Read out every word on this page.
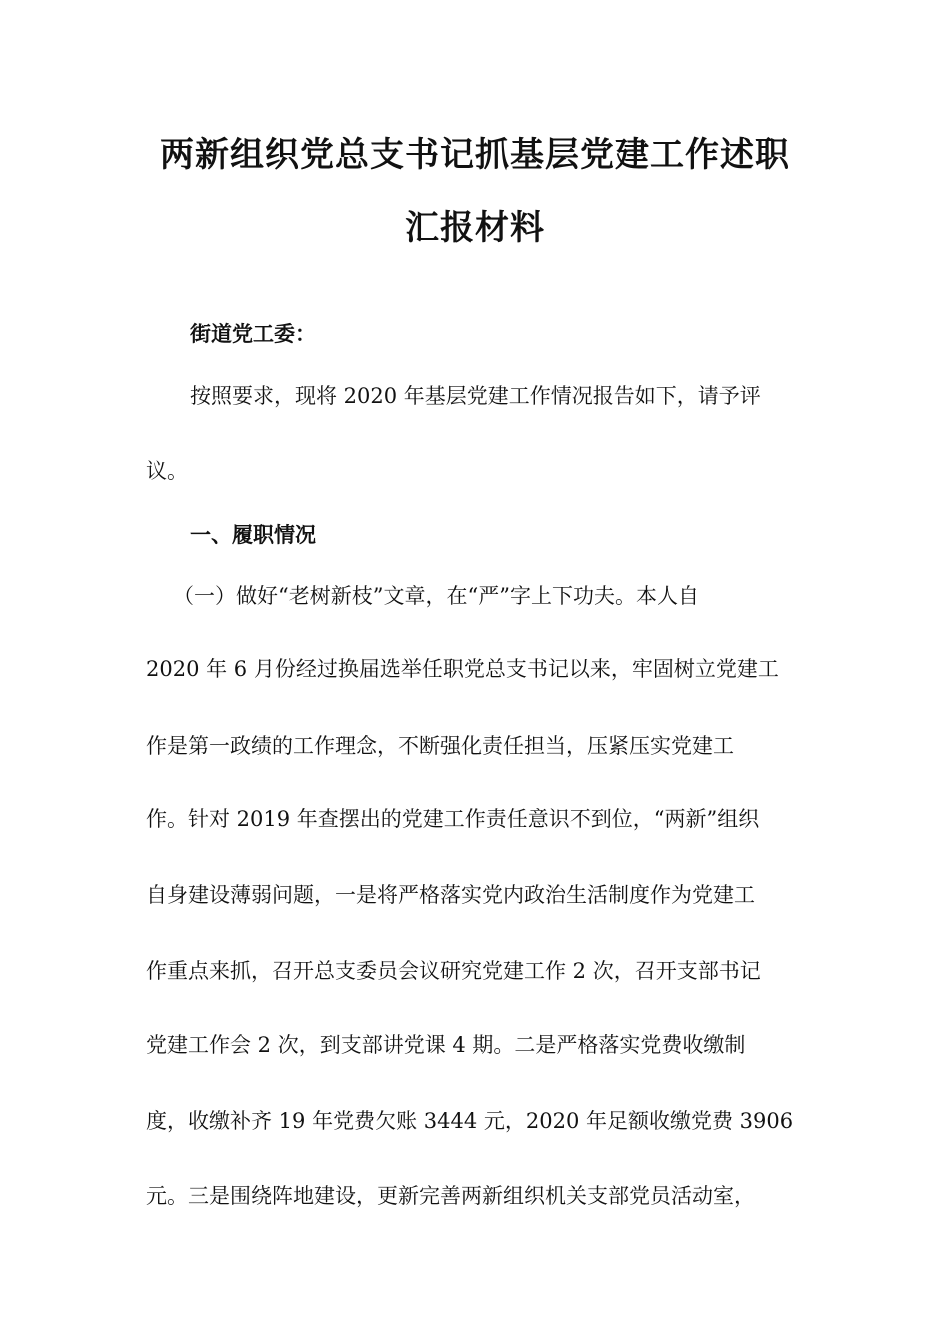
两新组织党总支书记抓基层党建工作述职
汇报材料
街道党工委：
按照要求，现将 2020 年基层党建工作情况报告如下，请予评
议。
一、履职情况
（一）做好“老树新枝”文章，在“严”字上下功夫。本人自
2020 年 6 月份经过换届选举任职党总支书记以来，牢固树立党建工
作是第一政绩的工作理念，不断强化责任担当，压紧压实党建工
作。针对 2019 年查摆出的党建工作责任意识不到位，“两新”组织
自身建设薄弱问题，一是将严格落实党内政治生活制度作为党建工
作重点来抓，召开总支委员会议研究党建工作 2 次，召开支部书记
党建工作会 2 次，到支部讲党课 4 期。二是严格落实党费收缴制
度，收缴补齐 19 年党费欠账 3444 元，2020 年足额收缴党费 3906
元。三是围绕阵地建设，更新完善两新组织机关支部党员活动室，
